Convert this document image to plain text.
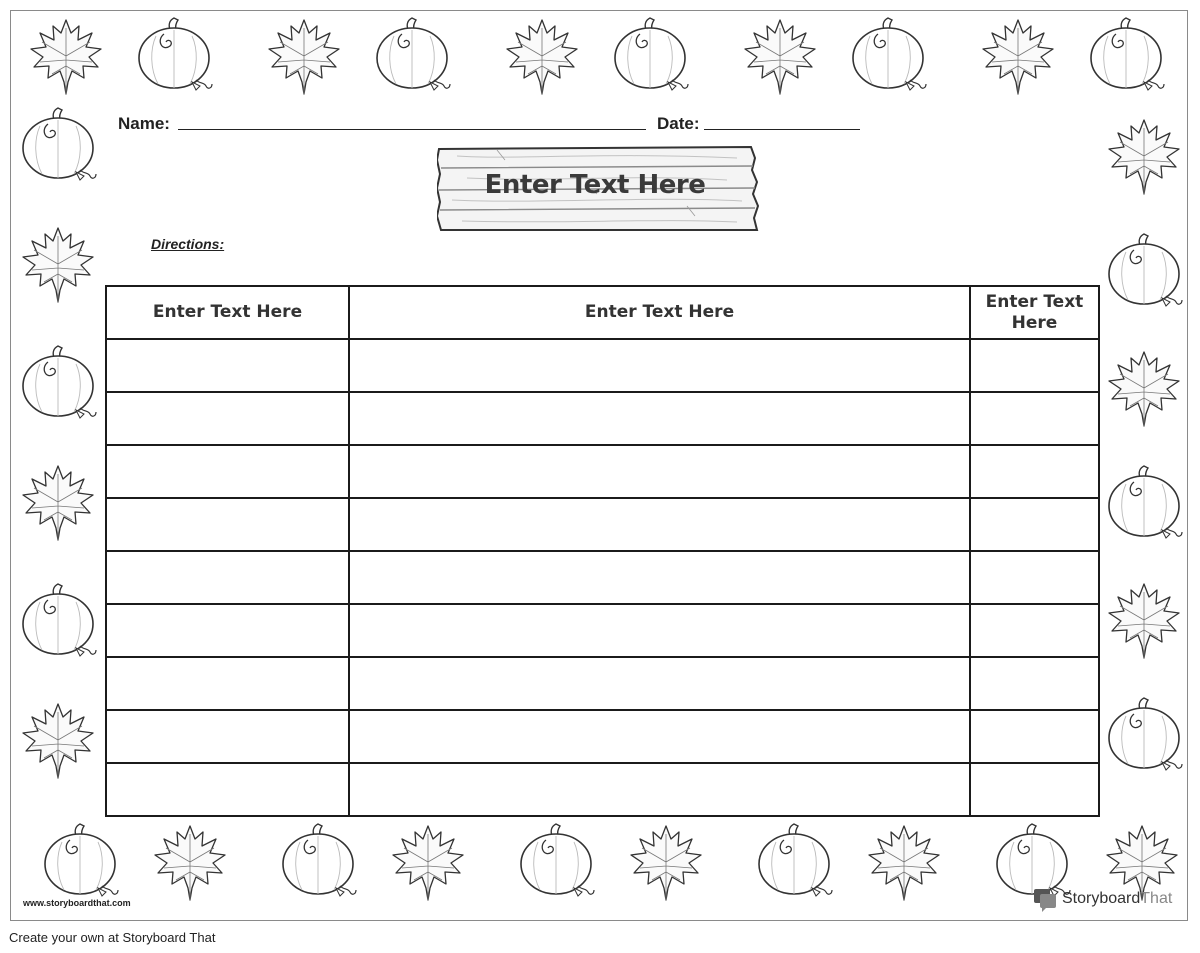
Name:	Date:
Enter Text Here
Directions:
Enter Text Here	Enter Text Here	Enter Text Here

www.storyboardthat.com	Storyboard That
Create your own at Storyboard That
